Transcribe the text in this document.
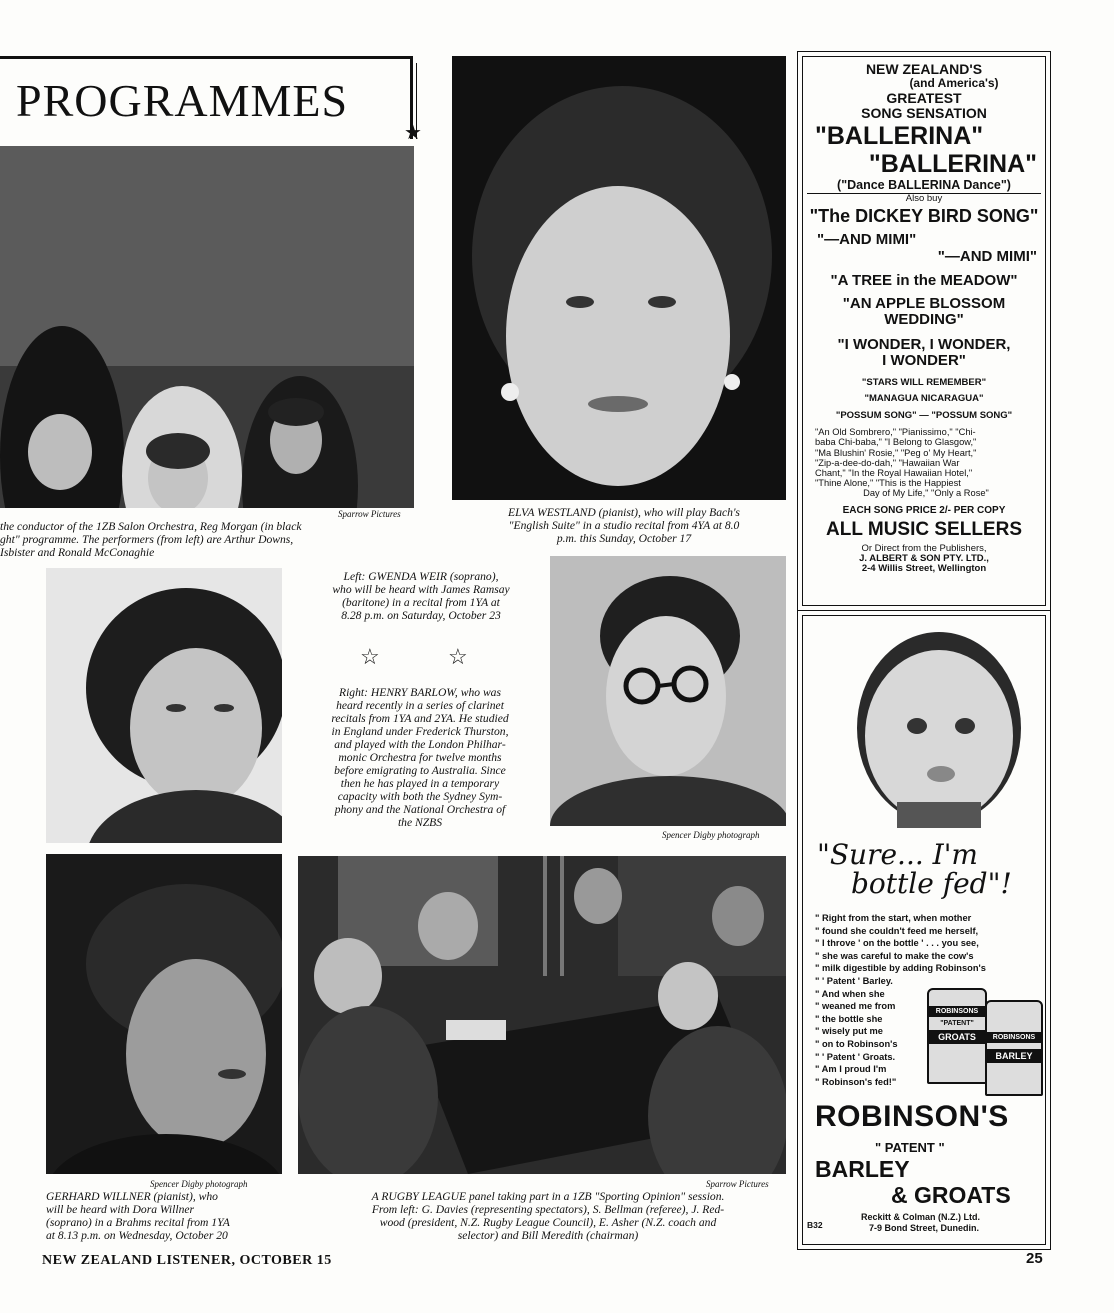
PROGRAMMES
★
Sparrow Pictures
the conductor of the 1ZB Salon Orchestra, Reg Morgan (in black
ght" programme. The performers (from left) are Arthur Downs,
Isbister and Ronald McConaghie
ELVA WESTLAND (pianist), who will play Bach's
"English Suite" in a studio recital from 4YA at 8.0
p.m. this Sunday, October 17
Left: GWENDA WEIR (soprano),
who will be heard with James Ramsay
(baritone) in a recital from 1YA at
8.28 p.m. on Saturday, October 23
☆	☆
Right: HENRY BARLOW, who was
heard recently in a series of clarinet
recitals from 1YA and 2YA. He studied
in England under Frederick Thurston,
and played with the London Philhar-
monic Orchestra for twelve months
before emigrating to Australia. Since
then he has played in a temporary
capacity with both the Sydney Sym-
phony and the National Orchestra of
the NZBS
Spencer Digby photograph
Spencer Digby photograph
GERHARD WILLNER (pianist), who
will be heard with Dora Willner
(soprano) in a Brahms recital from 1YA
at 8.13 p.m. on Wednesday, October 20
Sparrow Pictures
A RUGBY LEAGUE panel taking part in a 1ZB "Sporting Opinion" session.
From left: G. Davies (representing spectators), S. Bellman (referee), J. Red-
wood (president, N.Z. Rugby League Council), E. Asher (N.Z. coach and
selector) and Bill Meredith (chairman)
NEW ZEALAND'S
(and America's)
GREATEST
SONG SENSATION
"BALLERINA"
"BALLERINA"
("Dance BALLERINA Dance")
Also buy
"The DICKEY BIRD SONG"
"—AND MIMI"
"—AND MIMI"
"A TREE in the MEADOW"
"AN APPLE BLOSSOM
WEDDING"
"I WONDER, I WONDER,
I WONDER"
"STARS WILL REMEMBER"
"MANAGUA NICARAGUA"
"POSSUM SONG" — "POSSUM SONG"
"An Old Sombrero," "Pianissimo," "Chi-
baba Chi-baba," "I Belong to Glasgow,"
"Ma Blushin' Rosie," "Peg o' My Heart,"
"Zip-a-dee-do-dah," "Hawaiian War
Chant," "In the Royal Hawaiian Hotel,"
"Thine Alone," "This is the Happiest
Day of My Life," "Only a Rose"
EACH SONG PRICE 2/- PER COPY
ALL MUSIC SELLERS
Or Direct from the Publishers,
J. ALBERT & SON PTY. LTD.,
2-4 Willis Street, Wellington
"Sure... I'm
bottle fed"!
" Right from the start, when mother
" found she couldn't feed me herself,
" I throve ' on the bottle ' . . . you see,
" she was careful to make the cow's
" milk digestible by adding Robinson's
" ' Patent ' Barley.
" And when she
" weaned me from
" the bottle she
" wisely put me
" on to Robinson's
" ' Patent ' Groats.
" Am I proud I'm
" Robinson's fed!"
ROBINSONS
"PATENT"
GROATS	ROBINSONS
BARLEY
ROBINSON'S
" PATENT "
BARLEY
& GROATS
B32
Reckitt & Colman (N.Z.) Ltd.
7-9 Bond Street, Dunedin.
NEW ZEALAND LISTENER, OCTOBER 15	25
